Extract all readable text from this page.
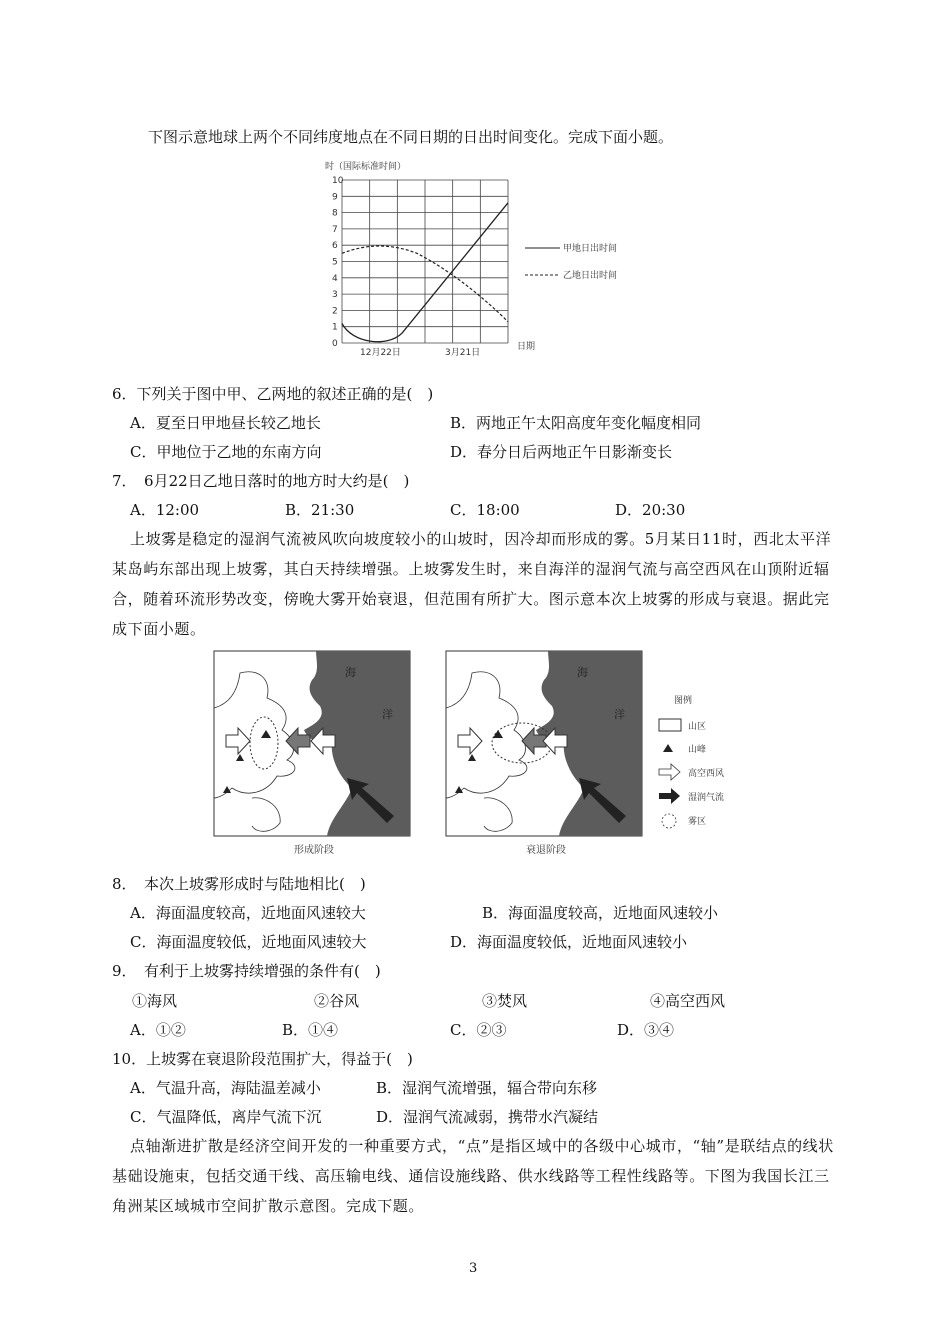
下图示意地球上两个不同纬度地点在不同日期的日出时间变化。完成下面小题。
0
1
2
3
4
5
6
7
8
9
10
时（国际标准时间）
日期
12月22日	3月21日
甲地日出时间
乙地日出时间
6．下列关于图中甲、乙两地的叙述正确的是(　)
A．夏至日甲地昼长较乙地长	B．两地正午太阳高度年变化幅度相同
C．甲地位于乙地的东南方向	D．春分日后两地正午日影渐变长
7．　6月22日乙地日落时的地方时大约是(　)
A．12:00	B．21:30	C．18:00	D．20:30
上坡雾是稳定的湿润气流被风吹向坡度较小的山坡时，因冷却而形成的雾。5月某日11时，西北太平洋某岛屿东部出现上坡雾，其白天持续增强。上坡雾发生时，来自海洋的湿润气流与高空西风在山顶附近辐合，随着环流形势改变，傍晚大雾开始衰退，但范围有所扩大。图示意本次上坡雾的形成与衰退。据此完成下面小题。
海
洋
形成阶段
海
洋
衰退阶段
图例
山区
山峰
高空西风
湿润气流
雾区
8．　本次上坡雾形成时与陆地相比(　)
A．海面温度较高，近地面风速较大	B．海面温度较高，近地面风速较小
C．海面温度较低，近地面风速较大	D．海面温度较低，近地面风速较小
9．　有利于上坡雾持续增强的条件有(　)
①海风	②谷风	③焚风	④高空西风
A．①②	B．①④	C．②③	D．③④
10．上坡雾在衰退阶段范围扩大，得益于(　)
A．气温升高，海陆温差减小	B．湿润气流增强，辐合带向东移
C．气温降低，离岸气流下沉	D．湿润气流减弱，携带水汽凝结
点轴渐进扩散是经济空间开发的一种重要方式，“点”是指区域中的各级中心城市，“轴”是联结点的线状基础设施束，包括交通干线、高压输电线、通信设施线路、供水线路等工程性线路等。下图为我国长江三角洲某区域城市空间扩散示意图。完成下题。
3
